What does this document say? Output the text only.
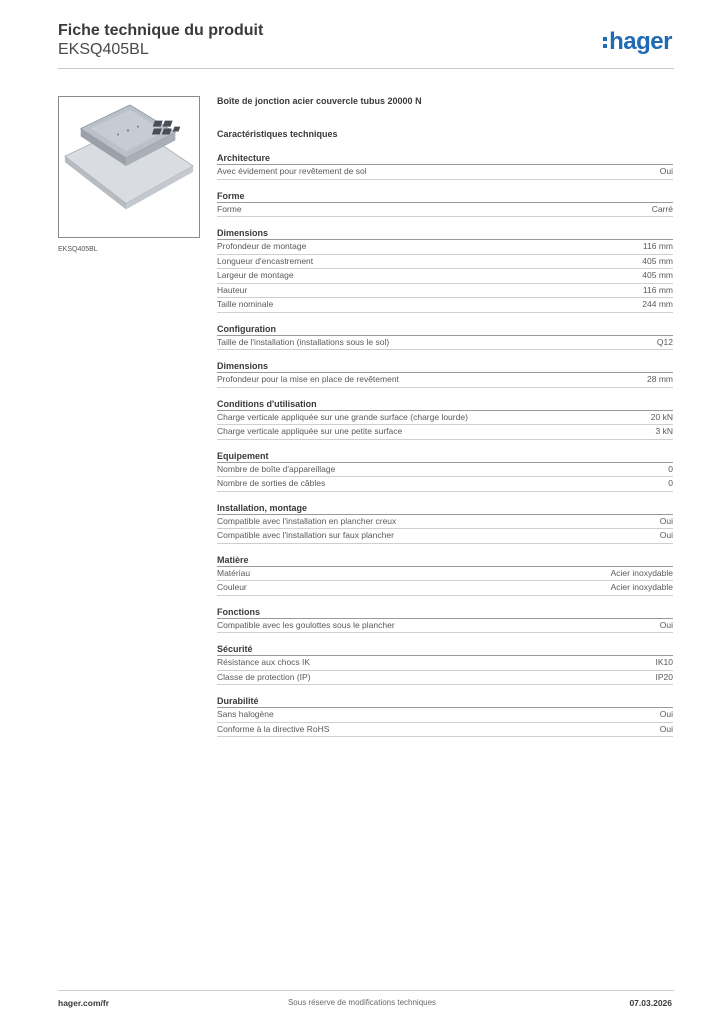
Fiche technique du produit
EKSQ405BL	hager
EKSQ405BL
Boîte de jonction acier couvercle tubus 20000 N
Caractéristiques techniques
Architecture
Avec évidement pour revêtement de sol	Oui
Forme
Forme	Carré
Dimensions
Profondeur de montage	116 mm
Longueur d'encastrement	405 mm
Largeur de montage	405 mm
Hauteur	116 mm
Taille nominale	244 mm
Configuration
Taille de l'installation (installations sous le sol)	Q12
Dimensions
Profondeur pour la mise en place de revêtement	28 mm
Conditions d'utilisation
Charge verticale appliquée sur une grande surface (charge lourde)	20 kN
Charge verticale appliquée sur une petite surface	3 kN
Equipement
Nombre de boîte d'appareillage	0
Nombre de sorties de câbles	0
Installation, montage
Compatible avec l'installation en plancher creux	Oui
Compatible avec l'installation sur faux plancher	Oui
Matière
Matériau	Acier inoxydable
Couleur	Acier inoxydable
Fonctions
Compatible avec les goulottes sous le plancher	Oui
Sécurité
Résistance aux chocs IK	IK10
Classe de protection (IP)	IP20
Durabilité
Sans halogène	Oui
Conforme à la directive RoHS	Oui
hager.com/fr	Sous réserve de modifications techniques	07.03.2026
